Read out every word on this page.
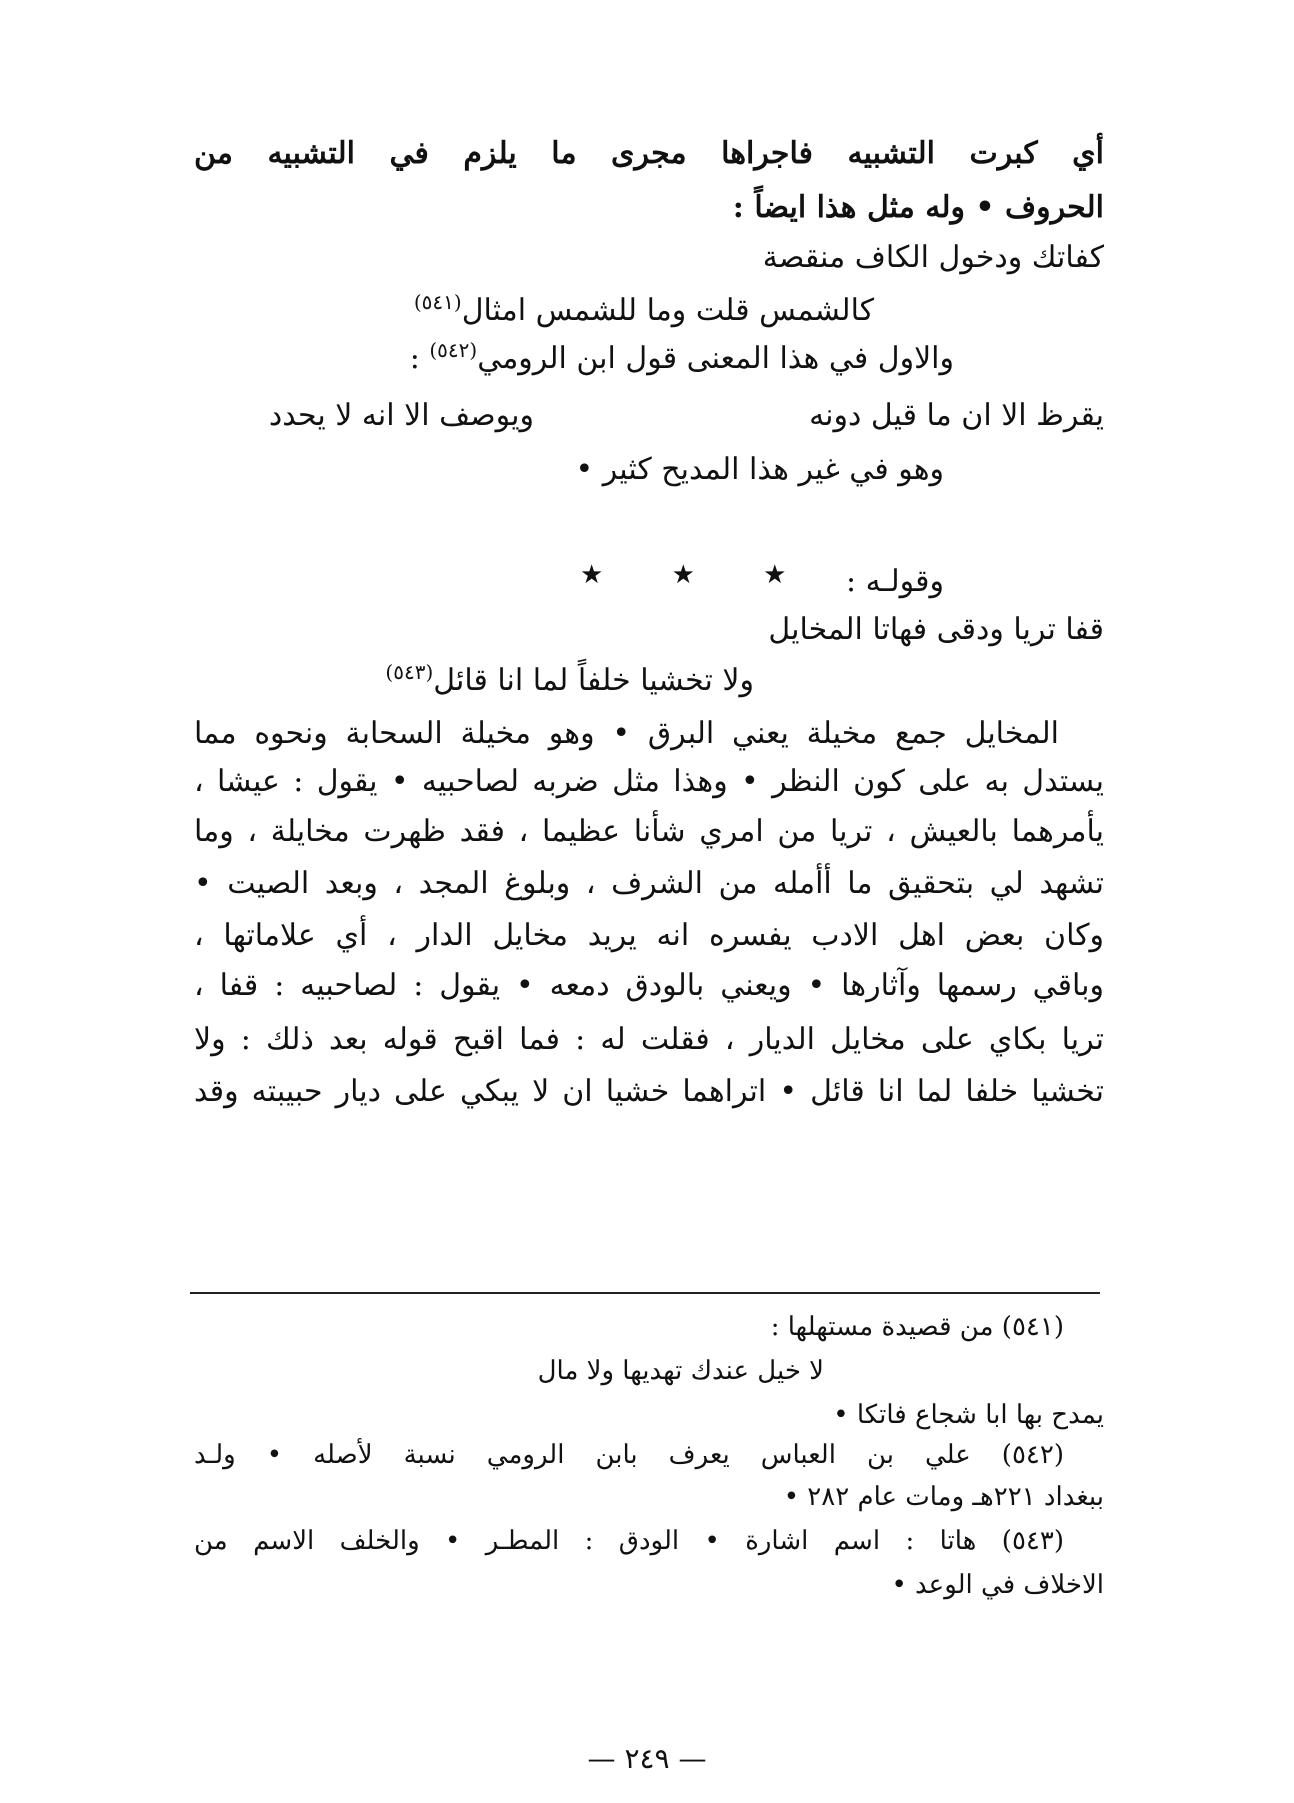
أي كبرت التشبيه فاجراها مجرى ما يلزم في التشبيه من

الحروف • وله مثل هذا ايضاً :

كفاتك ودخول الكاف منقصة

كالشمس قلت وما للشمس امثال$^{(٥٤١)}$

والاول في هذا المعنى قول ابن الرومي$^{(٥٤٢)}$ :

يقرظ الا ان ما قيل دونه

ويوصف الا انه لا يحدد

وهو في غير هذا المديح كثير •

★ ★ ★ وقولـه :

قفا تريا ودقى فهاتا المخايل

ولا تخشيا خلفاً لما انا قائل$^{(٥٤٣)}$

المخايل جمع مخيلة يعني البرق • وهو مخيلة السحابة ونحوه مما

يستدل به على كون النظر • وهذا مثل ضربه لصاحبيه • يقول : عيشا ،

يأمرهما بالعيش ، تريا من امري شأنا عظيما ، فقد ظهرت مخايلة ، وما

تشهد لي بتحقيق ما أأمله من الشرف ، وبلوغ المجد ، وبعد الصيت •

وكان بعض اهل الادب يفسره انه يريد مخايل الدار ، أي علاماتها ،

وباقي رسمها وآثارها • ويعني بالودق دمعه • يقول : لصاحبيه : قفا ،

تريا بكاي على مخايل الديار ، فقلت له : فما اقبح قوله بعد ذلك : ولا

تخشيا خلفا لما انا قائل • اتراهما خشيا ان لا يبكي على ديار حبيبته وقد

(٥٤١) من قصيدة مستهلها :

لا خيل عندك تهديها ولا مال

يمدح بها ابا شجاع فاتكا •

(٥٤٢) علي بن العباس يعرف بابن الرومي نسبة لأصله • ولـد

ببغداد ٢٢١هـ ومات عام ٢٨٢ •

(٥٤٣) هاتا : اسم اشارة • الودق : المطـر • والخلف الاسم من

الاخلاف في الوعد •

— ٢٤٩ —
